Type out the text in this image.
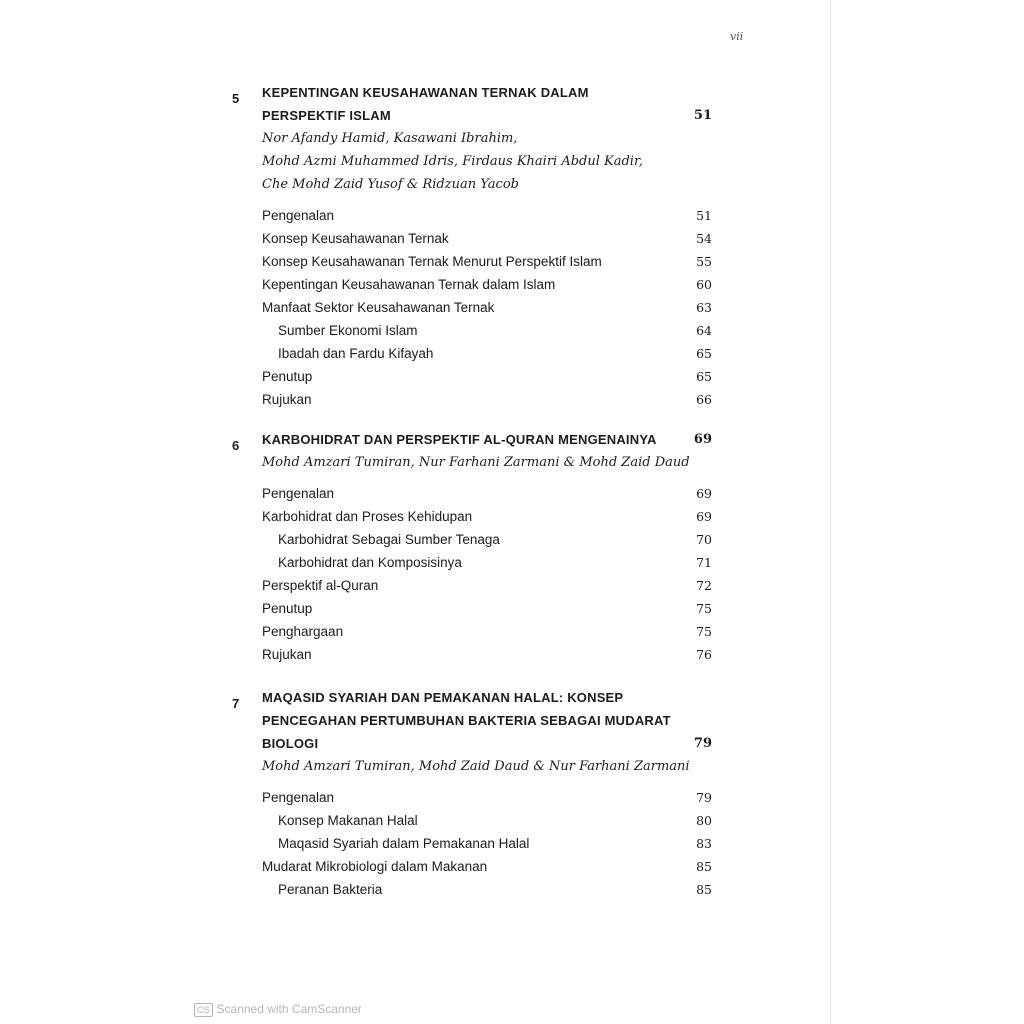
vii
5 KEPENTINGAN KEUSAHAWANAN TERNAK DALAM
PERSPEKTIF ISLAM	51
Nor Afandy Hamid, Kasawani Ibrahim,
Mohd Azmi Muhammed Idris, Firdaus Khairi Abdul Kadir,
Che Mohd Zaid Yusof & Ridzuan Yacob
Pengenalan	51
Konsep Keusahawanan Ternak	54
Konsep Keusahawanan Ternak Menurut Perspektif Islam	55
Kepentingan Keusahawanan Ternak dalam Islam	60
Manfaat Sektor Keusahawanan Ternak	63
Sumber Ekonomi Islam	64
Ibadah dan Fardu Kifayah	65
Penutup	65
Rujukan	66
6 KARBOHIDRAT DAN PERSPEKTIF AL-QURAN MENGENAINYA	69
Mohd Amzari Tumiran, Nur Farhani Zarmani & Mohd Zaid Daud
Pengenalan	69
Karbohidrat dan Proses Kehidupan	69
Karbohidrat Sebagai Sumber Tenaga	70
Karbohidrat dan Komposisinya	71
Perspektif al-Quran	72
Penutup	75
Penghargaan	75
Rujukan	76
7 MAQASID SYARIAH DAN PEMAKANAN HALAL: KONSEP
PENCEGAHAN PERTUMBUHAN BAKTERIA SEBAGAI MUDARAT
BIOLOGI	79
Mohd Amzari Tumiran, Mohd Zaid Daud & Nur Farhani Zarmani
Pengenalan	79
Konsep Makanan Halal	80
Maqasid Syariah dalam Pemakanan Halal	83
Mudarat Mikrobiologi dalam Makanan	85
Peranan Bakteria	85
CS Scanned with CamScanner
